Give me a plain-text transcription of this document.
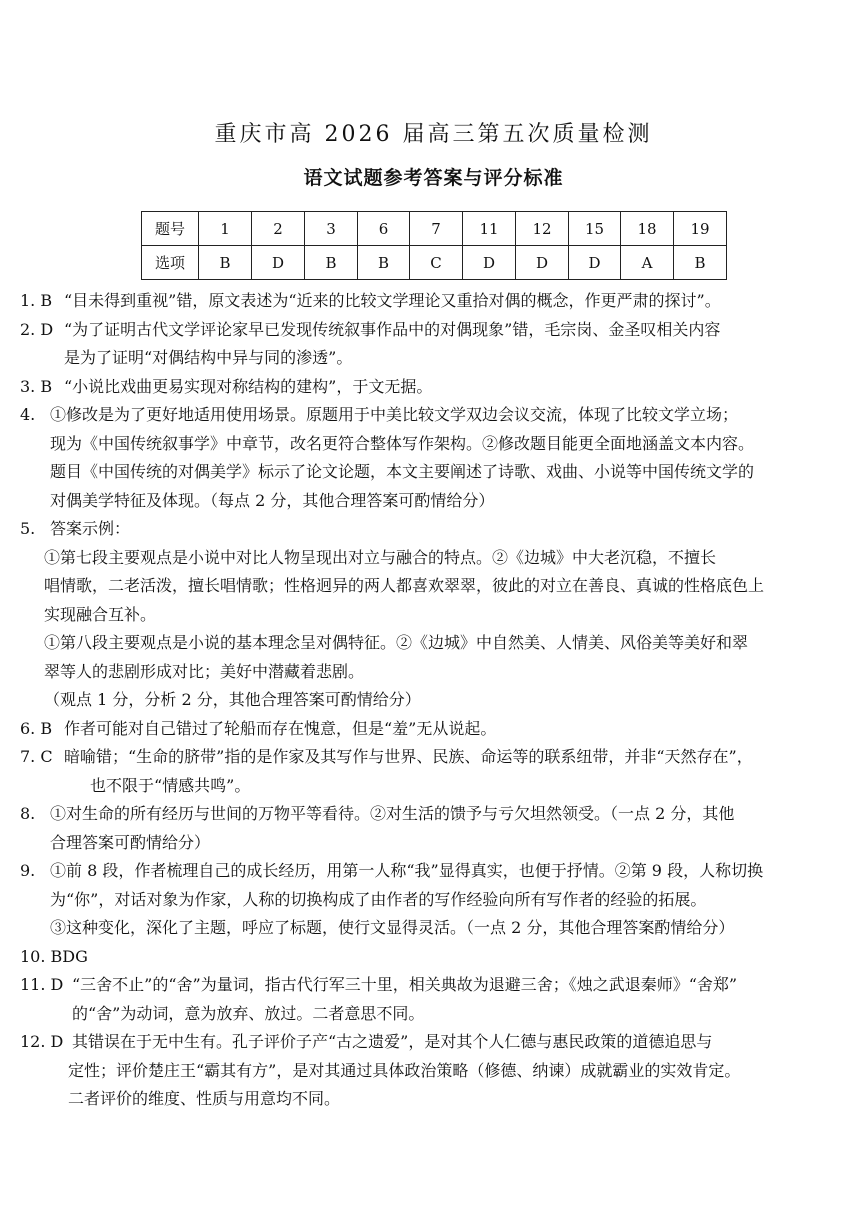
重庆市高 2026 届高三第五次质量检测
语文试题参考答案与评分标准
题号	1	2	3	6	7	11	12	15	18	19
选项	B	D	B	B	C	D	D	D	A	B
1. B “目未得到重视”错，原文表述为“近来的比较文学理论又重拾对偶的概念，作更严肃的探讨”。
2. D “为了证明古代文学评论家早已发现传统叙事作品中的对偶现象”错，毛宗岗、金圣叹相关内容
是为了证明“对偶结构中异与同的渗透”。
3. B “小说比戏曲更易实现对称结构的建构”，于文无据。
4. ①修改是为了更好地适用使用场景。原题用于中美比较文学双边会议交流，体现了比较文学立场；
现为《中国传统叙事学》中章节，改名更符合整体写作架构。②修改题目能更全面地涵盖文本内容。
题目《中国传统的对偶美学》标示了论文论题，本文主要阐述了诗歌、戏曲、小说等中国传统文学的
对偶美学特征及体现。（每点 2 分，其他合理答案可酌情给分）
5. 答案示例：
①第七段主要观点是小说中对比人物呈现出对立与融合的特点。②《边城》中大老沉稳，不擅长
唱情歌，二老活泼，擅长唱情歌；性格迥异的两人都喜欢翠翠，彼此的对立在善良、真诚的性格底色上
实现融合互补。
①第八段主要观点是小说的基本理念呈对偶特征。②《边城》中自然美、人情美、风俗美等美好和翠
翠等人的悲剧形成对比；美好中潜藏着悲剧。
（观点 1 分，分析 2 分，其他合理答案可酌情给分）
6. B 作者可能对自己错过了轮船而存在愧意，但是“羞”无从说起。
7. C 暗喻错；“生命的脐带”指的是作家及其写作与世界、民族、命运等的联系纽带，并非“天然存在”，
也不限于“情感共鸣”。
8. ①对生命的所有经历与世间的万物平等看待。②对生活的馈予与亏欠坦然领受。（一点 2 分，其他
合理答案可酌情给分）
9. ①前 8 段，作者梳理自己的成长经历，用第一人称“我”显得真实，也便于抒情。②第 9 段，人称切换
为“你”，对话对象为作家，人称的切换构成了由作者的写作经验向所有写作者的经验的拓展。
③这种变化，深化了主题，呼应了标题，使行文显得灵活。（一点 2 分，其他合理答案酌情给分）
10. BDG
11. D “三舍不止”的“舍”为量词，指古代行军三十里，相关典故为退避三舍；《烛之武退秦师》“舍郑”
的“舍”为动词，意为放弃、放过。二者意思不同。
12. D 其错误在于无中生有。孔子评价子产“古之遗爱”，是对其个人仁德与惠民政策的道德追思与
定性；评价楚庄王“霸其有方”，是对其通过具体政治策略（修德、纳谏）成就霸业的实效肯定。
二者评价的维度、性质与用意均不同。
